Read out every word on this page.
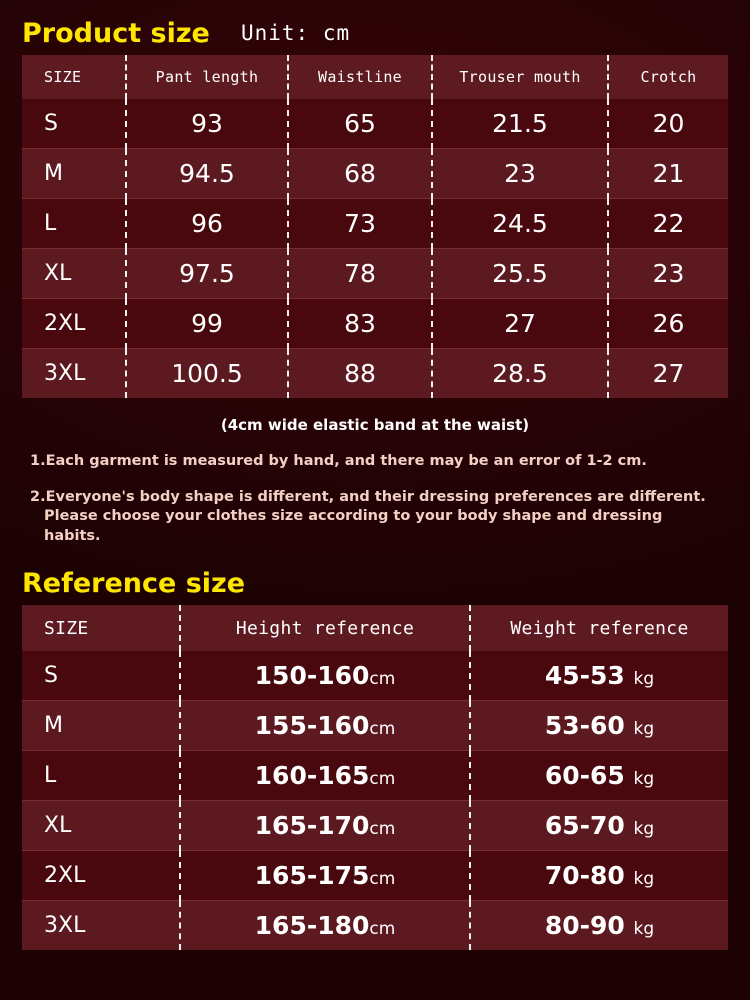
Product size Unit: cm
SIZE	Pant length	Waistline	Trouser mouth	Crotch
S	93	65	21.5	20
M	94.5	68	23	21
L	96	73	24.5	22
XL	97.5	78	25.5	23
2XL	99	83	27	26
3XL	100.5	88	28.5	27
(4cm wide elastic band at the waist)
1.Each garment is measured by hand, and there may be an error of 1-2 cm.
2.Everyone's body shape is different, and their dressing preferences are different.
Please choose your clothes size according to your body shape and dressing habits.
Reference size
SIZE	Height reference	Weight reference
S	150-160cm	45-53 kg
M	155-160cm	53-60 kg
L	160-165cm	60-65 kg
XL	165-170cm	65-70 kg
2XL	165-175cm	70-80 kg
3XL	165-180cm	80-90 kg
